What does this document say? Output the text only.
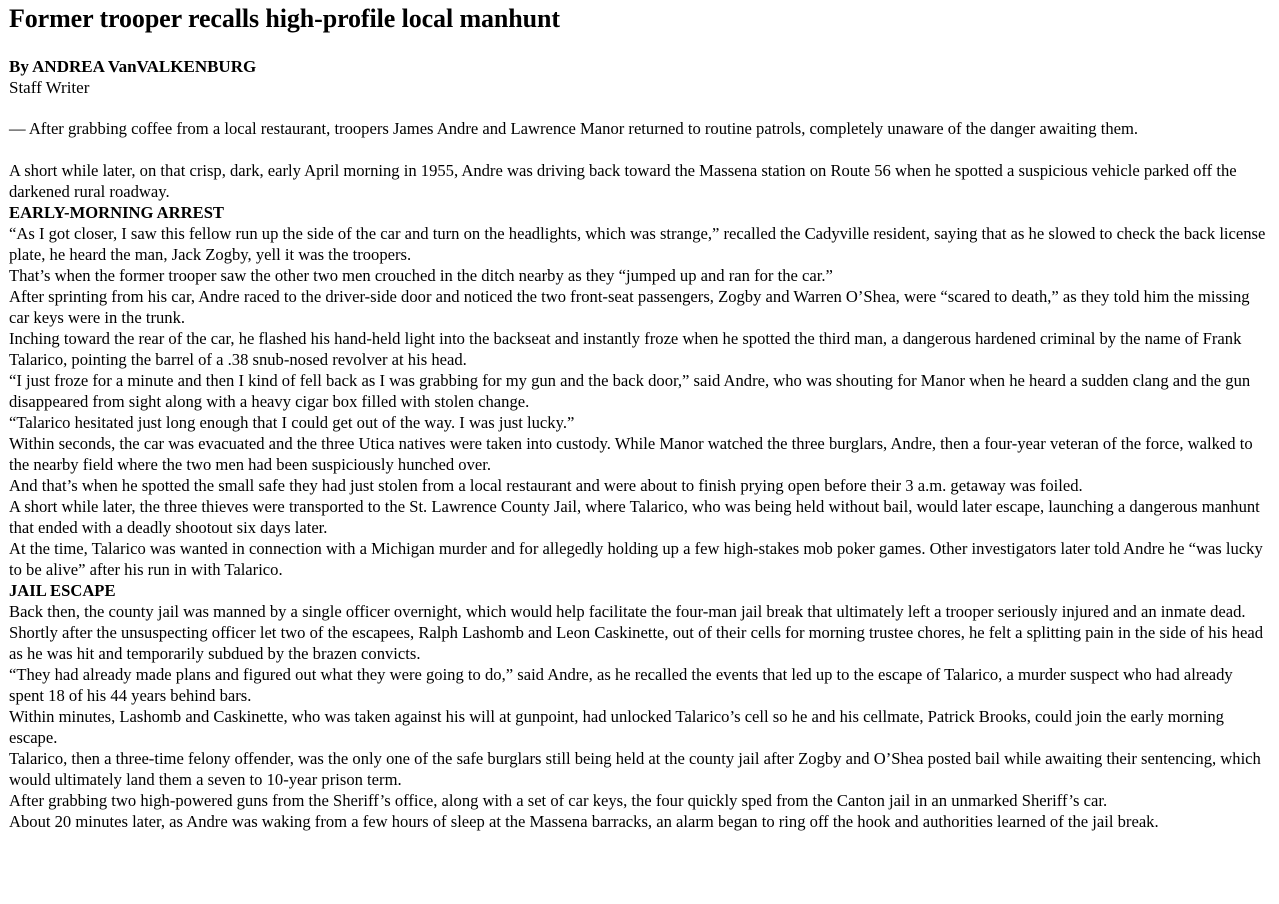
Former trooper recalls high-profile local manhunt
By ANDREA VanVALKENBURG
Staff Writer

— After grabbing coffee from a local restaurant, troopers James Andre and Lawrence Manor returned to routine patrols, completely unaware of the danger awaiting them.

A short while later, on that crisp, dark, early April morning in 1955, Andre was driving back toward the Massena station on Route 56 when he spotted a suspicious vehicle parked off the darkened rural roadway.

EARLY-MORNING ARREST

“As I got closer, I saw this fellow run up the side of the car and turn on the headlights, which was strange,” recalled the Cadyville resident, saying that as he slowed to check the back license plate, he heard the man, Jack Zogby, yell it was the troopers.

That’s when the former trooper saw the other two men crouched in the ditch nearby as they “jumped up and ran for the car.”

After sprinting from his car, Andre raced to the driver-side door and noticed the two front-seat passengers, Zogby and Warren O’Shea, were “scared to death,” as they told him the missing car keys were in the trunk.

Inching toward the rear of the car, he flashed his hand-held light into the backseat and instantly froze when he spotted the third man, a dangerous hardened criminal by the name of Frank Talarico, pointing the barrel of a .38 snub-nosed revolver at his head.

“I just froze for a minute and then I kind of fell back as I was grabbing for my gun and the back door,” said Andre, who was shouting for Manor when he heard a sudden clang and the gun disappeared from sight along with a heavy cigar box filled with stolen change.

“Talarico hesitated just long enough that I could get out of the way. I was just lucky.”

Within seconds, the car was evacuated and the three Utica natives were taken into custody. While Manor watched the three burglars, Andre, then a four-year veteran of the force, walked to the nearby field where the two men had been suspiciously hunched over.

And that’s when he spotted the small safe they had just stolen from a local restaurant and were about to finish prying open before their 3 a.m. getaway was foiled.

A short while later, the three thieves were transported to the St. Lawrence County Jail, where Talarico, who was being held without bail, would later escape, launching a dangerous manhunt that ended with a deadly shootout six days later.

At the time, Talarico was wanted in connection with a Michigan murder and for allegedly holding up a few high-stakes mob poker games. Other investigators later told Andre he “was lucky to be alive” after his run in with Talarico.

JAIL ESCAPE

Back then, the county jail was manned by a single officer overnight, which would help facilitate the four-man jail break that ultimately left a trooper seriously injured and an inmate dead.

Shortly after the unsuspecting officer let two of the escapees, Ralph Lashomb and Leon Caskinette, out of their cells for morning trustee chores, he felt a splitting pain in the side of his head as he was hit and temporarily subdued by the brazen convicts.

“They had already made plans and figured out what they were going to do,” said Andre, as he recalled the events that led up to the escape of Talarico, a murder suspect who had already spent 18 of his 44 years behind bars.

Within minutes, Lashomb and Caskinette, who was taken against his will at gunpoint, had unlocked Talarico’s cell so he and his cellmate, Patrick Brooks, could join the early morning escape.

Talarico, then a three-time felony offender, was the only one of the safe burglars still being held at the county jail after Zogby and O’Shea posted bail while awaiting their sentencing, which would ultimately land them a seven to 10-year prison term.

After grabbing two high-powered guns from the Sheriff’s office, along with a set of car keys, the four quickly sped from the Canton jail in an unmarked Sheriff’s car.

About 20 minutes later, as Andre was waking from a few hours of sleep at the Massena barracks, an alarm began to ring off the hook and authorities learned of the jail break.
